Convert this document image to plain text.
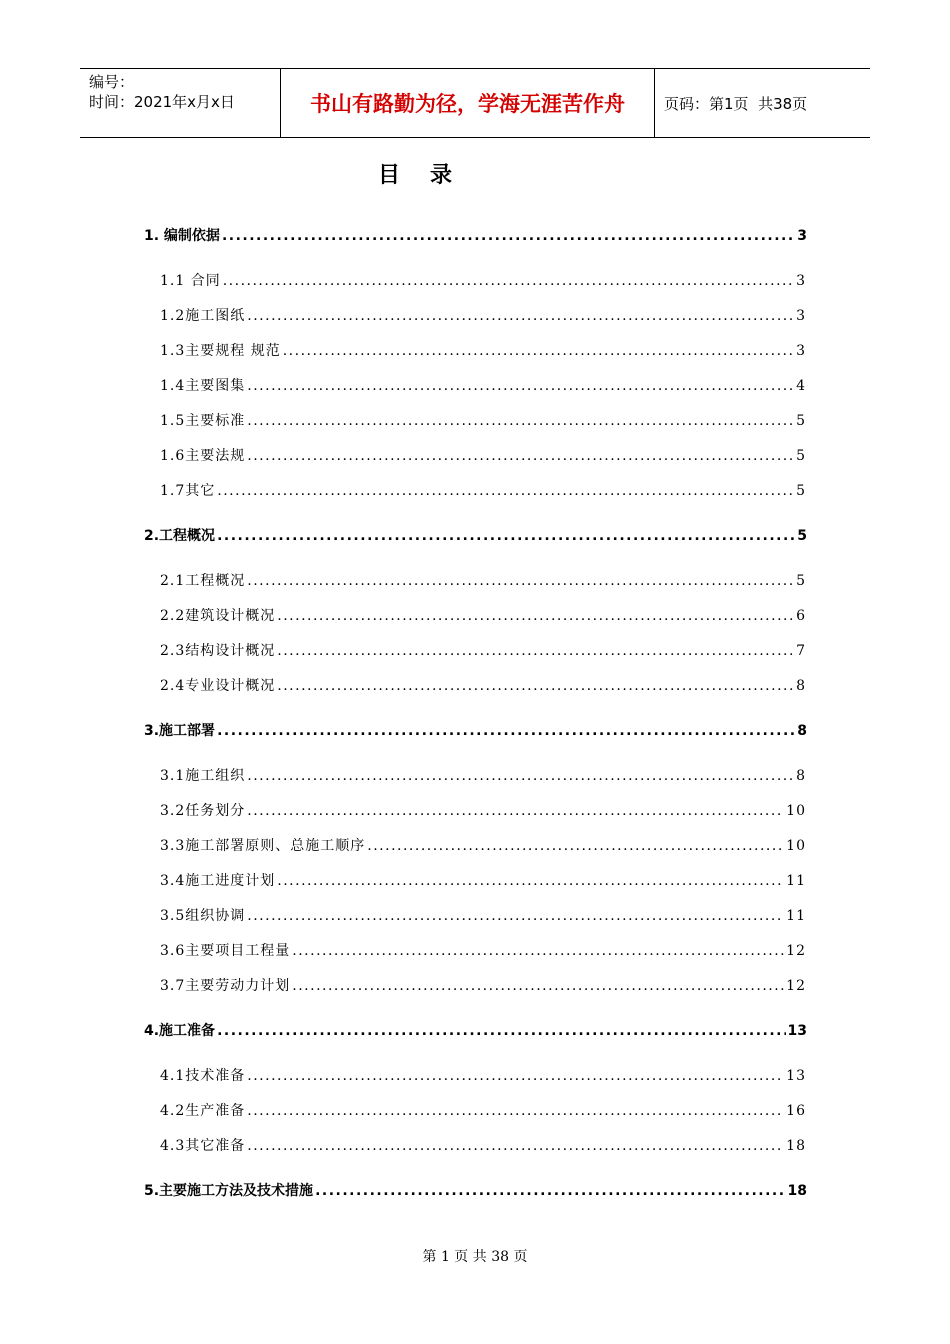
编号：
时间：2021年x月x日	书山有路勤为径，学海无涯苦作舟	页码：第1页  共38页
目录
1. 编制依据 .....	3
1.1 合同 .....	3
1.2施工图纸 .....	3
1.3主要规程 规范 .....	3
1.4主要图集 .....	4
1.5主要标准 .....	5
1.6主要法规 .....	5
1.7其它 .....	5
2.工程概况 .....	5
2.1工程概况 .....	5
2.2建筑设计概况 .....	6
2.3结构设计概况 .....	7
2.4专业设计概况 .....	8
3.施工部署 .....	8
3.1施工组织 .....	8
3.2任务划分 .....	10
3.3施工部署原则、总施工顺序 .....	10
3.4施工进度计划 .....	11
3.5组织协调 .....	11
3.6主要项目工程量 .....	12
3.7主要劳动力计划 .....	12
4.施工准备 .....	13
4.1技术准备 .....	13
4.2生产准备 .....	16
4.3其它准备 .....	18
5.主要施工方法及技术措施 .....	18
第 1 页 共 38 页
